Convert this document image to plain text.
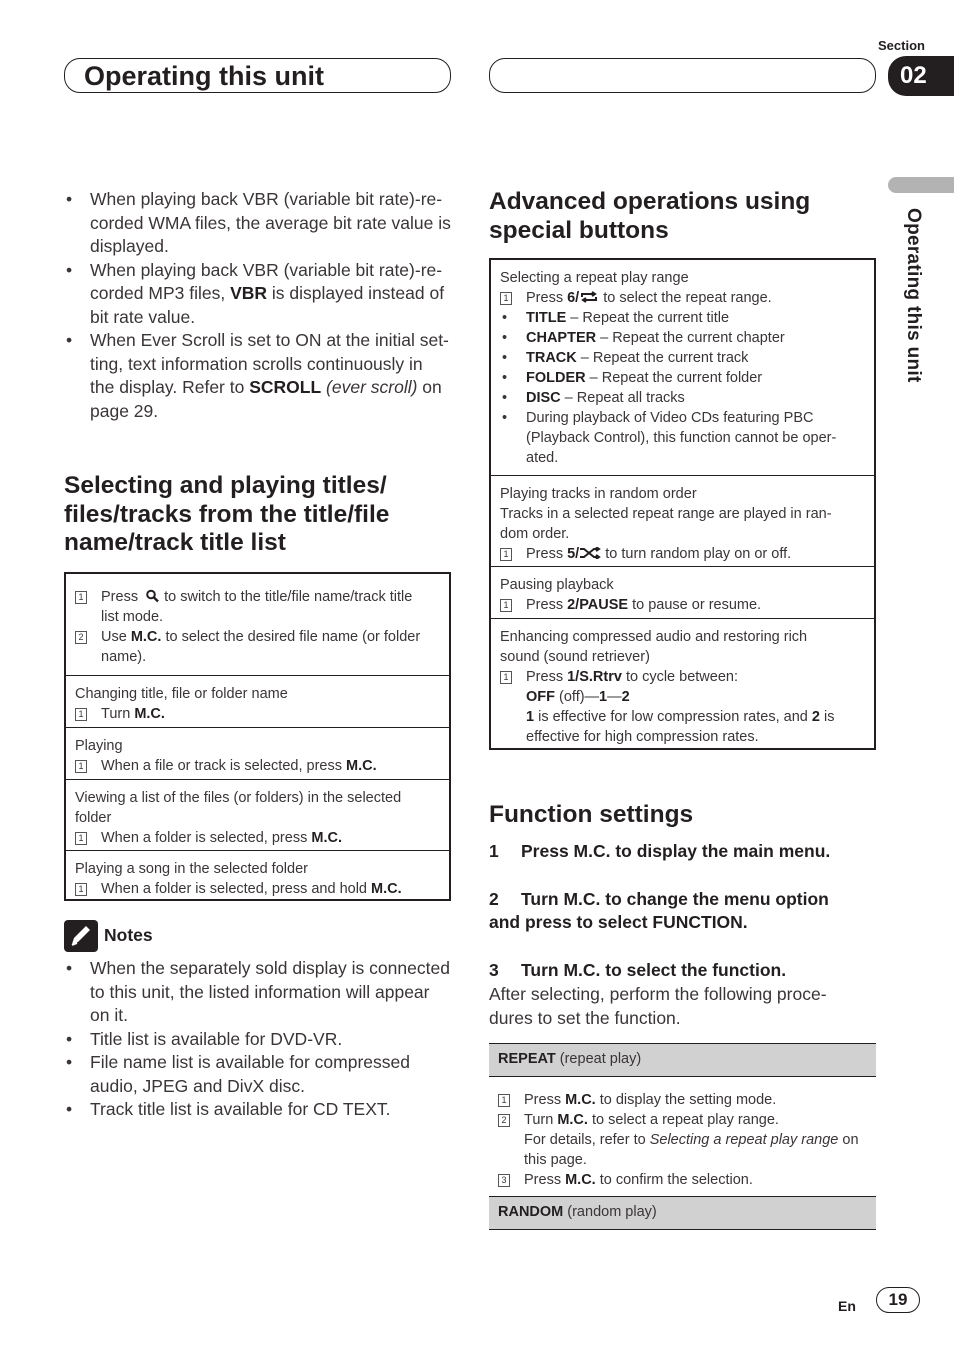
Operating this unit
Section
02
Operating this unit
• When playing back VBR (variable bit rate)-re-
corded WMA files, the average bit rate value is
displayed.
• When playing back VBR (variable bit rate)-re-
corded MP3 files, VBR is displayed instead of
bit rate value.
• When Ever Scroll is set to ON at the initial set-
ting, text information scrolls continuously in
the display. Refer to SCROLL (ever scroll) on
page 29.
Selecting and playing titles/
files/tracks from the title/file
name/track title list
1 Press to switch to the title/file name/track title
list mode.
2 Use M.C. to select the desired file name (or folder
name).
Changing title, file or folder name
1 Turn M.C.
Playing
1 When a file or track is selected, press M.C.
Viewing a list of the files (or folders) in the selected
folder
1 When a folder is selected, press M.C.
Playing a song in the selected folder
1 When a folder is selected, press and hold M.C.
Notes
• When the separately sold display is connected
to this unit, the listed information will appear
on it.
• Title list is available for DVD-VR.
• File name list is available for compressed
audio, JPEG and DivX disc.
• Track title list is available for CD TEXT.
Advanced operations using
special buttons
Selecting a repeat play range
1 Press 6/ to select the repeat range.
• TITLE – Repeat the current title
• CHAPTER – Repeat the current chapter
• TRACK – Repeat the current track
• FOLDER – Repeat the current folder
• DISC – Repeat all tracks
• During playback of Video CDs featuring PBC
(Playback Control), this function cannot be oper-
ated.
Playing tracks in random order
Tracks in a selected repeat range are played in ran-
dom order.
1 Press 5/ to turn random play on or off.
Pausing playback
1 Press 2/PAUSE to pause or resume.
Enhancing compressed audio and restoring rich
sound (sound retriever)
1 Press 1/S.Rtrv to cycle between:
OFF (off)—1—2
1 is effective for low compression rates, and 2 is
effective for high compression rates.
Function settings
1 Press M.C. to display the main menu.
2 Turn M.C. to change the menu option
and press to select FUNCTION.
3 Turn M.C. to select the function.
After selecting, perform the following proce-
dures to set the function.
REPEAT (repeat play)
1 Press M.C. to display the setting mode.
2 Turn M.C. to select a repeat play range.
For details, refer to Selecting a repeat play range on
this page.
3 Press M.C. to confirm the selection.
RANDOM (random play)
En	19
